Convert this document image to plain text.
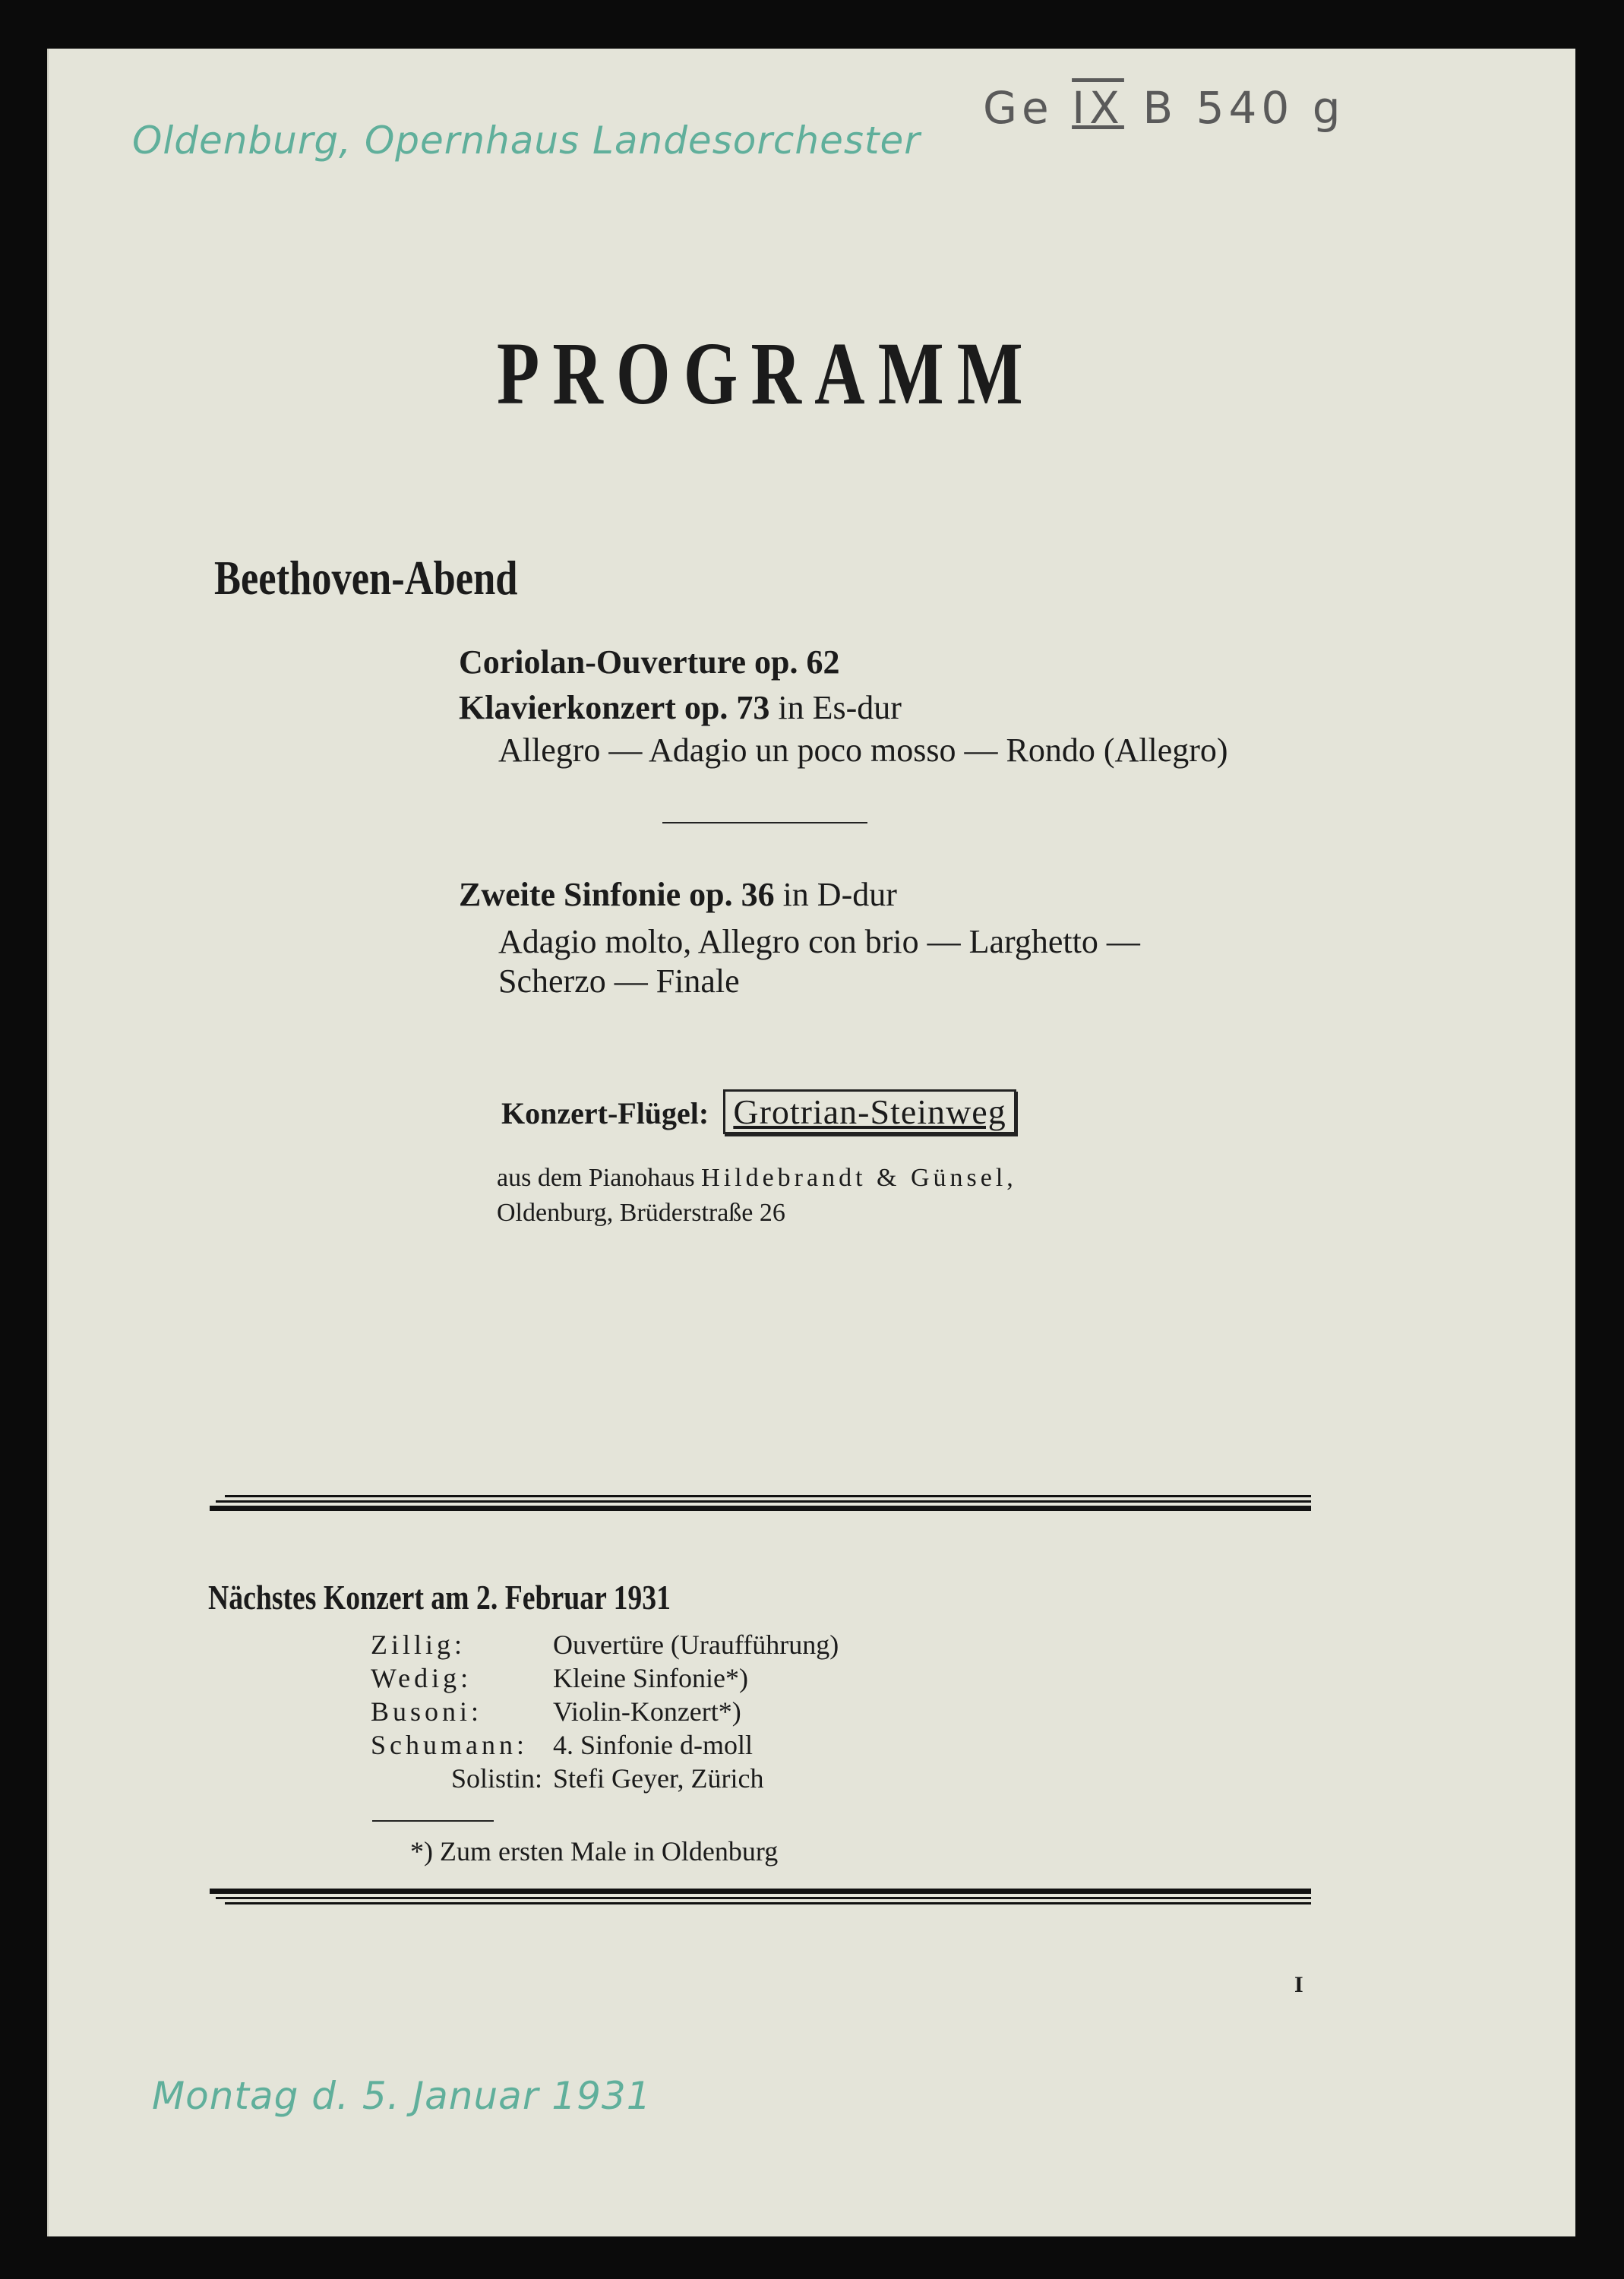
Oldenburg, Opernhaus Landesorchester
Ge IX B 540 g
PROGRAMM
Beethoven-Abend
Coriolan-Ouverture op. 62
Klavierkonzert op. 73 in Es-dur
Allegro — Adagio un poco mosso — Rondo (Allegro)
Zweite Sinfonie op. 36 in D-dur
Adagio molto, Allegro con brio — Larghetto —
Scherzo — Finale
Konzert-Flügel: Grotrian-Steinweg
aus dem Pianohaus Hildebrandt & Günsel,
Oldenburg, Brüderstraße 26
Nächstes Konzert am 2. Februar 1931
Zillig:	Ouvertüre (Uraufführung)
Wedig:	Kleine Sinfonie*)
Busoni:	Violin-Konzert*)
Schumann: 4. Sinfonie d-moll
Solistin: Stefi Geyer, Zürich
*) Zum ersten Male in Oldenburg
I
Montag d. 5. Januar 1931
